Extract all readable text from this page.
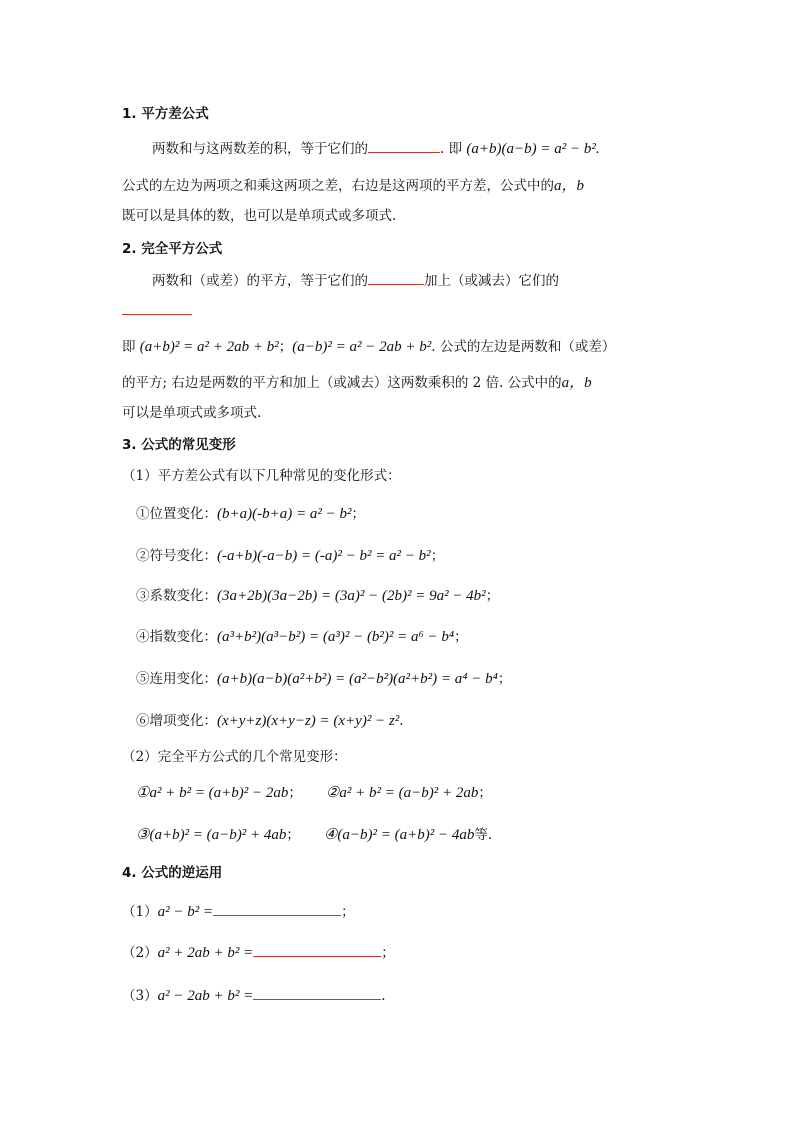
1. 平方差公式
两数和与这两数差的积，等于它们的	. 即 (a+b)(a−b) = a² − b².
公式的左边为两项之和乘这两项之差，右边是这两项的平方差，公式中的a，b
既可以是具体的数，也可以是单项式或多项式.
2. 完全平方公式
两数和（或差）的平方，等于它们的	加上（或减去）它们的
即 (a+b)² = a² + 2ab + b²；(a−b)² = a² − 2ab + b². 公式的左边是两数和（或差）
的平方; 右边是两数的平方和加上（或减去）这两数乘积的 2 倍. 公式中的a，b
可以是单项式或多项式.
3. 公式的常见变形
（1）平方差公式有以下几种常见的变化形式：
①位置变化：(b+a)(-b+a) = a² − b²；
②符号变化：(-a+b)(-a−b) = (-a)² − b² = a² − b²；
③系数变化：(3a+2b)(3a−2b) = (3a)² − (2b)² = 9a² − 4b²；
④指数变化：(a³+b²)(a³−b²) = (a³)² − (b²)² = a⁶ − b⁴；
⑤连用变化：(a+b)(a−b)(a²+b²) = (a²−b²)(a²+b²) = a⁴ − b⁴；
⑥增项变化：(x+y+z)(x+y−z) = (x+y)² − z².
（2）完全平方公式的几个常见变形：
①a² + b² = (a+b)² − 2ab； ②a² + b² = (a−b)² + 2ab；
③(a+b)² = (a−b)² + 4ab； ④(a−b)² = (a+b)² − 4ab等.
4. 公式的逆运用
（1）a² − b² =	；
（2）a² + 2ab + b² =	；
（3）a² − 2ab + b² =	.
